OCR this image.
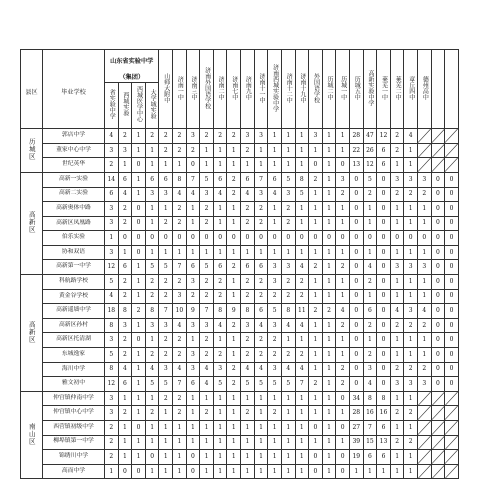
县区	毕业学校	山东省实验中学（集团）				山师大附中	济南一中	济南三中	济南外国语学校	济南二中	济南七中	济南九中	济南十一中	济南西城实验中学	济南十二中	济南十九中	外国语学校	历城二中	历城一中	历城五中	高新实验中学	莱芜一中	莱芜二中	章丘四中	德州高中		
		省实验中学	西城实验	西城医学中心	大学城实验																						
历城区	郭店中学	4	2	1	2	2	2	3	2	2	2	3	3	1	1	1	3	1	1	28	47	12	2	4	

	董家中心中学	3	3	1	1	2	2	2	1	1	1	2	1	1	1	1	1	1	1	22	26	6	2	1	

	世纪英华	2	1	0	1	1	1	0	1	1	1	1	1	1	1	1	0	1	0	13	12	6	1	1	

高新区	高新一实验	14	6	1	6	6	8	7	5	6	2	6	7	6	5	8	2	1	3	0	5	0	3	3	3	0	0
	高新二实验	6	4	1	3	3	4	4	3	4	2	4	3	4	3	5	1	1	2	0	2	0	2	2	2	0	0
	高新奥体中路	3	2	0	1	1	2	1	2	1	1	2	2	1	2	1	1	1	1	0	1	0	1	1	1	0	0
	高新区凤凰路	3	2	0	1	2	2	1	2	1	1	2	2	1	2	1	1	1	1	0	1	0	1	1	1	0	0
	伯乐实验	1	0	0	0	0	0	0	0	0	0	0	0	0	0	0	0	0	0	0	0	0	0	0	0	0	0
	协和双语	3	1	0	1	1	1	1	1	1	1	1	1	1	1	1	1	1	1	0	1	0	1	1	1	0	0
	高新第一中学	12	6	1	5	5	7	6	5	6	2	6	6	3	3	4	2	1	2	0	4	0	3	3	3	0	0
高新区	科航路学校	5	2	1	2	2	2	3	2	2	1	2	2	3	2	2	1	1	1	0	2	0	1	1	1	0	0
	黄金谷学校	4	2	1	2	2	3	2	2	2	1	2	2	2	2	2	1	1	1	0	1	0	1	1	1	0	0
	高新遥墙中学	18	8	2	8	7	10	9	7	8	9	8	6	5	8	11	2	2	4	0	6	0	4	3	4	0	0
	高新区孙村	8	3	1	3	3	4	3	3	4	2	3	4	3	4	4	1	1	2	0	2	0	2	2	2	0	0
	高新区托清湖	3	2	0	1	2	2	1	2	1	1	2	2	2	1	1	1	1	1	0	1	0	1	1	1	0	0
	东城逸家	5	2	1	2	2	2	3	2	2	1	2	2	2	2	2	1	1	1	0	2	0	1	1	1	0	0
	海川中学	8	4	1	4	3	4	3	4	3	2	4	4	3	4	4	1	1	2	0	3	0	2	2	2	0	0
	雅文初中	12	6	1	5	5	7	6	4	5	2	5	5	5	5	7	2	1	2	0	4	0	3	3	3	0	0
南山区	仲宫镇仲南中学	3	1	1	1	2	2	1	1	1	1	1	1	1	1	1	1	1	0	34	8	8	1	1	

	仲宫镇中心中学	3	2	1	2	1	2	1	2	1	1	2	1	2	1	1	1	1	1	28	16	16	2	2	

	西营镇初级中学	2	1	0	1	1	1	1	1	1	1	1	1	1	1	1	0	1	0	27	7	6	1	1	

	柳埠镇第一中学	2	1	1	1	1	1	1	1	1	1	1	1	1	1	1	1	1	1	39	15	13	2	2	

	锦绣川中学	2	1	1	0	1	1	0	1	1	1	1	1	1	1	1	0	1	0	19	6	6	1	1	

	高而中学	1	0	0	1	1	1	0	1	1	1	1	1	1	1	1	0	1	0	1	1	1	1	1	
